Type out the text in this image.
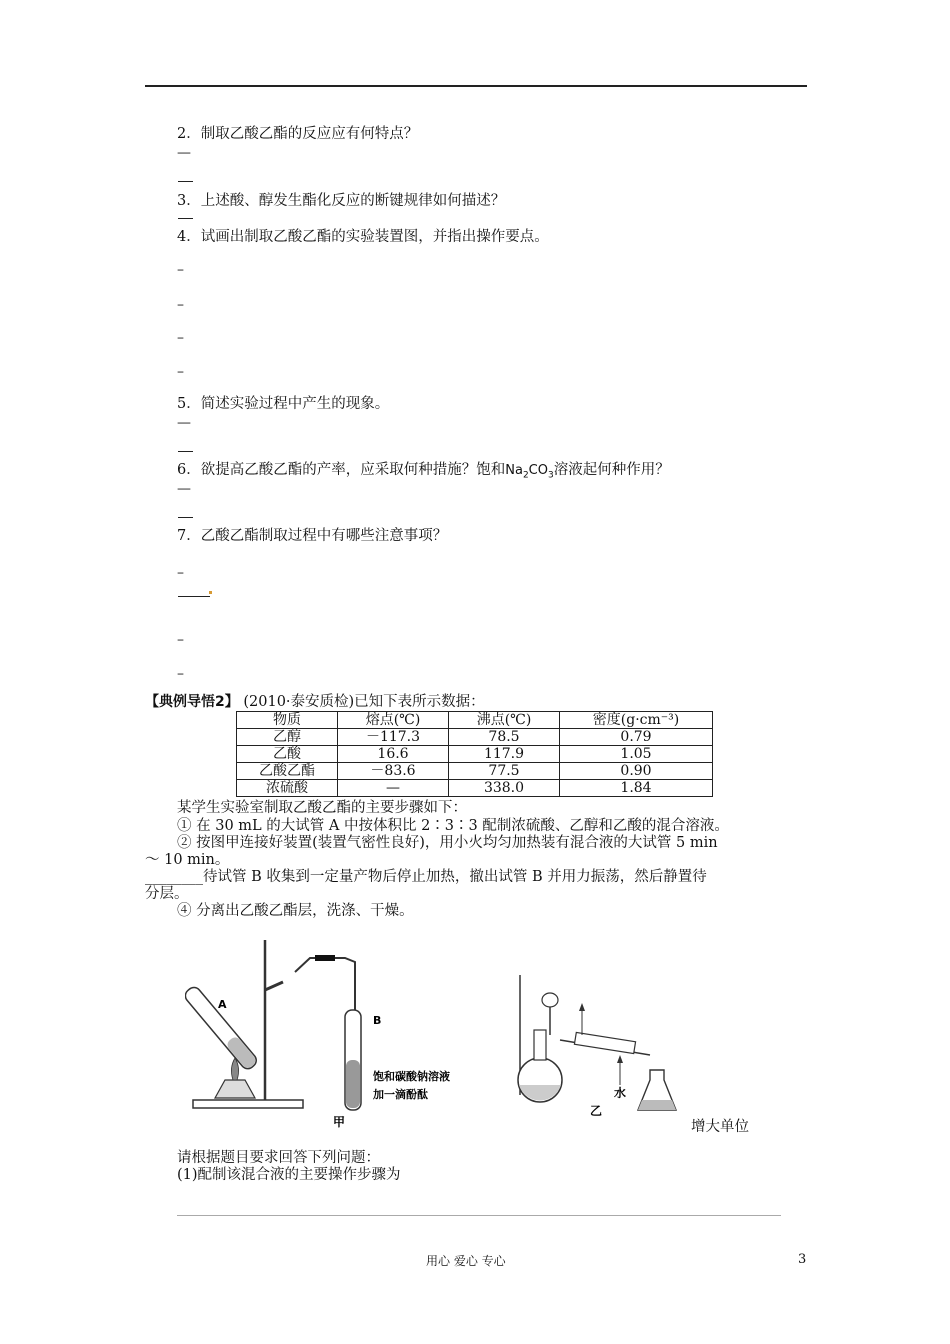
2．制取乙酸乙酯的反应应有何特点？
—
3．上述酸、醇发生酯化反应的断键规律如何描述？
4．试画出制取乙酸乙酯的实验装置图，并指出操作要点。
–
–
–
–
5．简述实验过程中产生的现象。
—
6．欲提高乙酸乙酯的产率，应采取何种措施？饱和$Na_2CO_3$溶液起何种作用？
—
7．乙酸乙酯制取过程中有哪些注意事项？
–
–
–
【典例导悟2】 (2010·泰安质检)已知下表所示数据：
物质	熔点(℃)	沸点(℃)	密度(g·cm⁻³)
乙醇	－117.3	78.5	0.79
乙酸	16.6	117.9	1.05
乙酸乙酯	－83.6	77.5	0.90
浓硫酸	—	338.0	1.84
某学生实验室制取乙酸乙酯的主要步骤如下：
① 在 30 mL 的大试管 A 中按体积比 2∶3∶3 配制浓硫酸、乙醇和乙酸的混合溶液。
② 按图甲连接好装置(装置气密性良好)，用小火均匀加热装有混合液的大试管 5 min
～ 10 min。
________待试管 B 收集到一定量产物后停止加热，撤出试管 B 并用力振荡，然后静置待
分层。
④ 分离出乙酸乙酯层，洗涤、干燥。
A
B
饱和碳酸钠溶液
加一滴酚酞
甲
水
乙
增大单位
请根据题目要求回答下列问题：
(1)配制该混合液的主要操作步骤为
用心 爱心 专心	3
